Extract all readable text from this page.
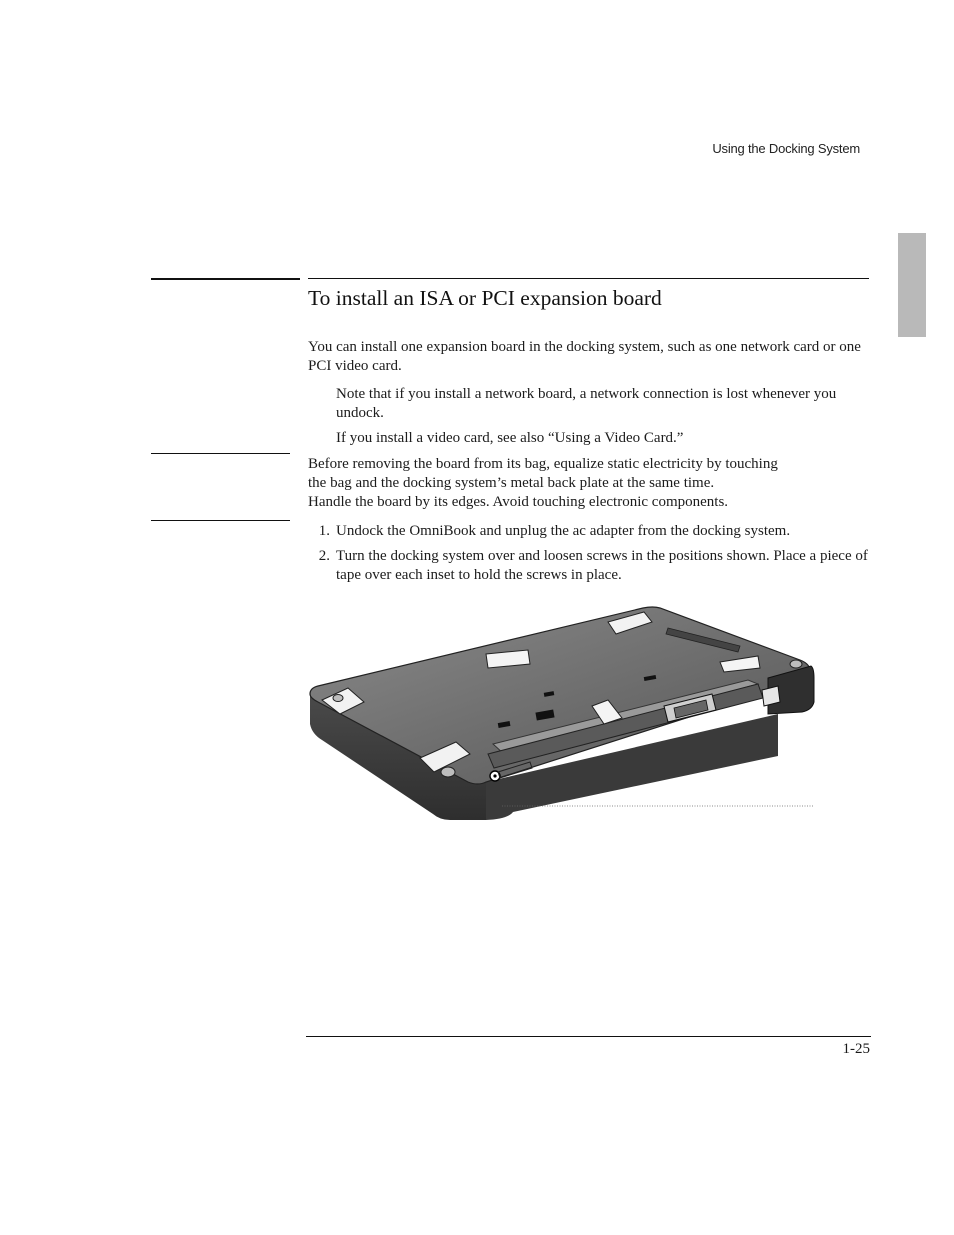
Using the Docking System
To install an ISA or PCI expansion board
You can install one expansion board in the docking system, such as one network card or one PCI video card.
Note that if you install a network board, a network connection is lost whenever you undock.
If you install a video card, see also “Using a Video Card.”
Before removing the board from its bag, equalize static electricity by touching
the bag and the docking system’s metal back plate at the same time.
Handle the board by its edges. Avoid touching electronic components.
1. Undock the OmniBook and unplug the ac adapter from the docking system.
2. Turn the docking system over and loosen screws in the positions shown. Place a piece of tape over each inset to hold the screws in place.
1-25
